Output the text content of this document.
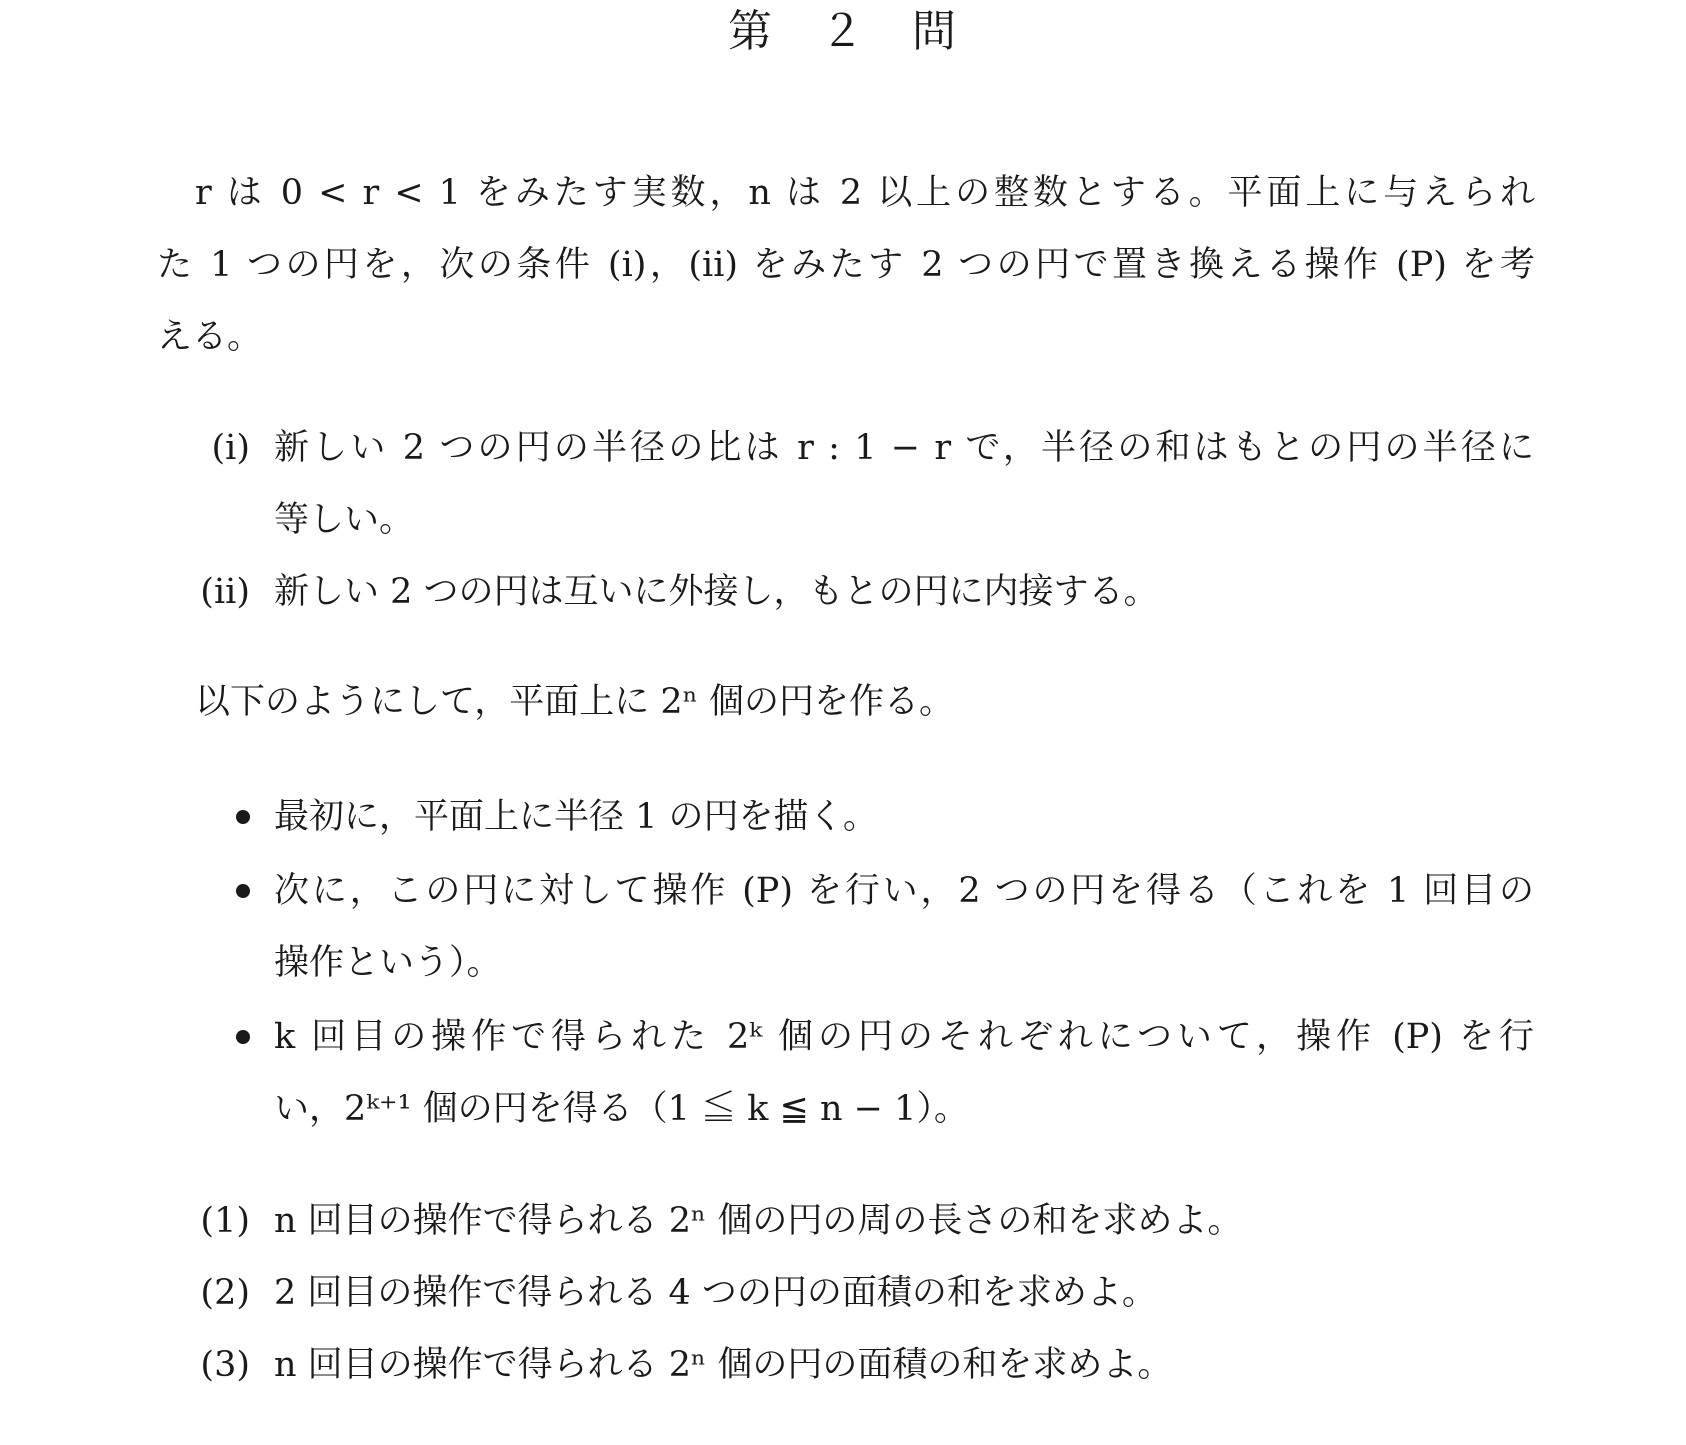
第　２　問
r は 0 < r < 1 をみたす実数，n は 2 以上の整数とする。平面上に与えられ
た 1 つの円を，次の条件 (i)，(ii) をみたす 2 つの円で置き換える操作 (P) を考
える。
(i) 新しい 2 つの円の半径の比は r : 1 − r で，半径の和はもとの円の半径に
等しい。
(ii) 新しい 2 つの円は互いに外接し，もとの円に内接する。
以下のようにして，平面上に 2ⁿ 個の円を作る。
最初に，平面上に半径 1 の円を描く。
次に，この円に対して操作 (P) を行い，2 つの円を得る（これを 1 回目の
操作という）。
k 回目の操作で得られた 2ᵏ 個の円のそれぞれについて，操作 (P) を行
い，2ᵏ⁺¹ 個の円を得る（1 ≦ k ≦ n − 1）。
(1) n 回目の操作で得られる 2ⁿ 個の円の周の長さの和を求めよ。
(2) 2 回目の操作で得られる 4 つの円の面積の和を求めよ。
(3) n 回目の操作で得られる 2ⁿ 個の円の面積の和を求めよ。
